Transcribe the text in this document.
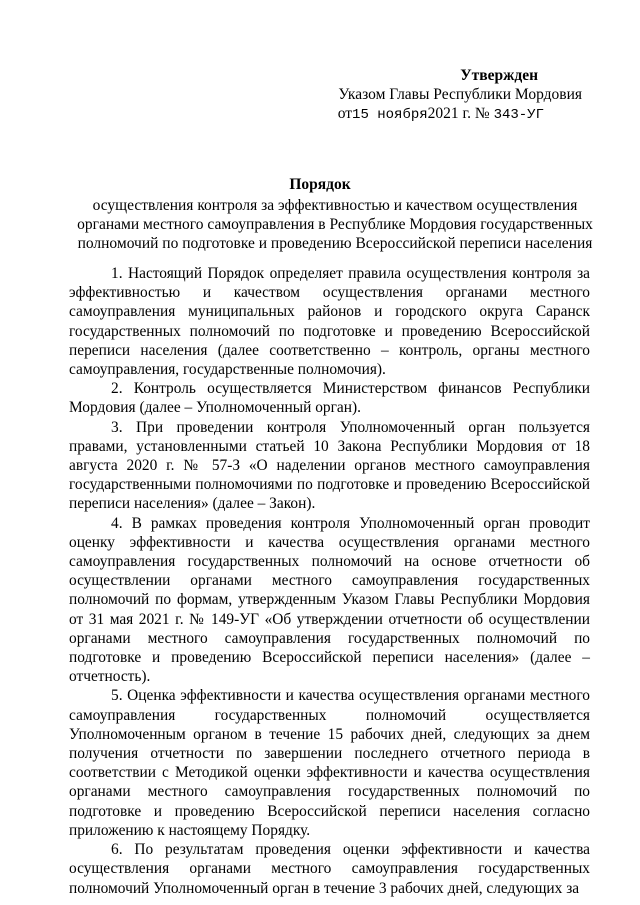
Утвержден
Указом Главы Республики Мордовия
от15 ноября2021 г. № 343-УГ
Порядок
осуществления контроля за эффективностью и качеством осуществления органами местного самоуправления в Республике Мордовия государственных полномочий по подготовке и проведению Всероссийской переписи населения

1. Настоящий Порядок определяет правила осуществления контроля за эффективностью и качеством осуществления органами местного самоуправления муниципальных районов и городского округа Саранск государственных полномочий по подготовке и проведению Всероссийской переписи населения (далее соответственно – контроль, органы местного самоуправления, государственные полномочия).

2. Контроль осуществляется Министерством финансов Республики Мордовия (далее – Уполномоченный орган).

3. При проведении контроля Уполномоченный орган пользуется правами, установленными статьей 10 Закона Республики Мордовия от 18 августа 2020 г. № 57-З «О наделении органов местного самоуправления государственными полномочиями по подготовке и проведению Всероссийской переписи населения» (далее – Закон).

4. В рамках проведения контроля Уполномоченный орган проводит оценку эффективности и качества осуществления органами местного самоуправления государственных полномочий на основе отчетности об осуществлении органами местного самоуправления государственных полномочий по формам, утвержденным Указом Главы Республики Мордовия от 31 мая 2021 г. № 149-УГ «Об утверждении отчетности об осуществлении органами местного самоуправления государственных полномочий по подготовке и проведению Всероссийской переписи населения» (далее – отчетность).

5. Оценка эффективности и качества осуществления органами местного самоуправления государственных полномочий осуществляется Уполномоченным органом в течение 15 рабочих дней, следующих за днем получения отчетности по завершении последнего отчетного периода в соответствии с Методикой оценки эффективности и качества осуществления органами местного самоуправления государственных полномочий по подготовке и проведению Всероссийской переписи населения согласно приложению к настоящему Порядку.

6. По результатам проведения оценки эффективности и качества осуществления органами местного самоуправления государственных полномочий Уполномоченный орган в течение 3 рабочих дней, следующих за
